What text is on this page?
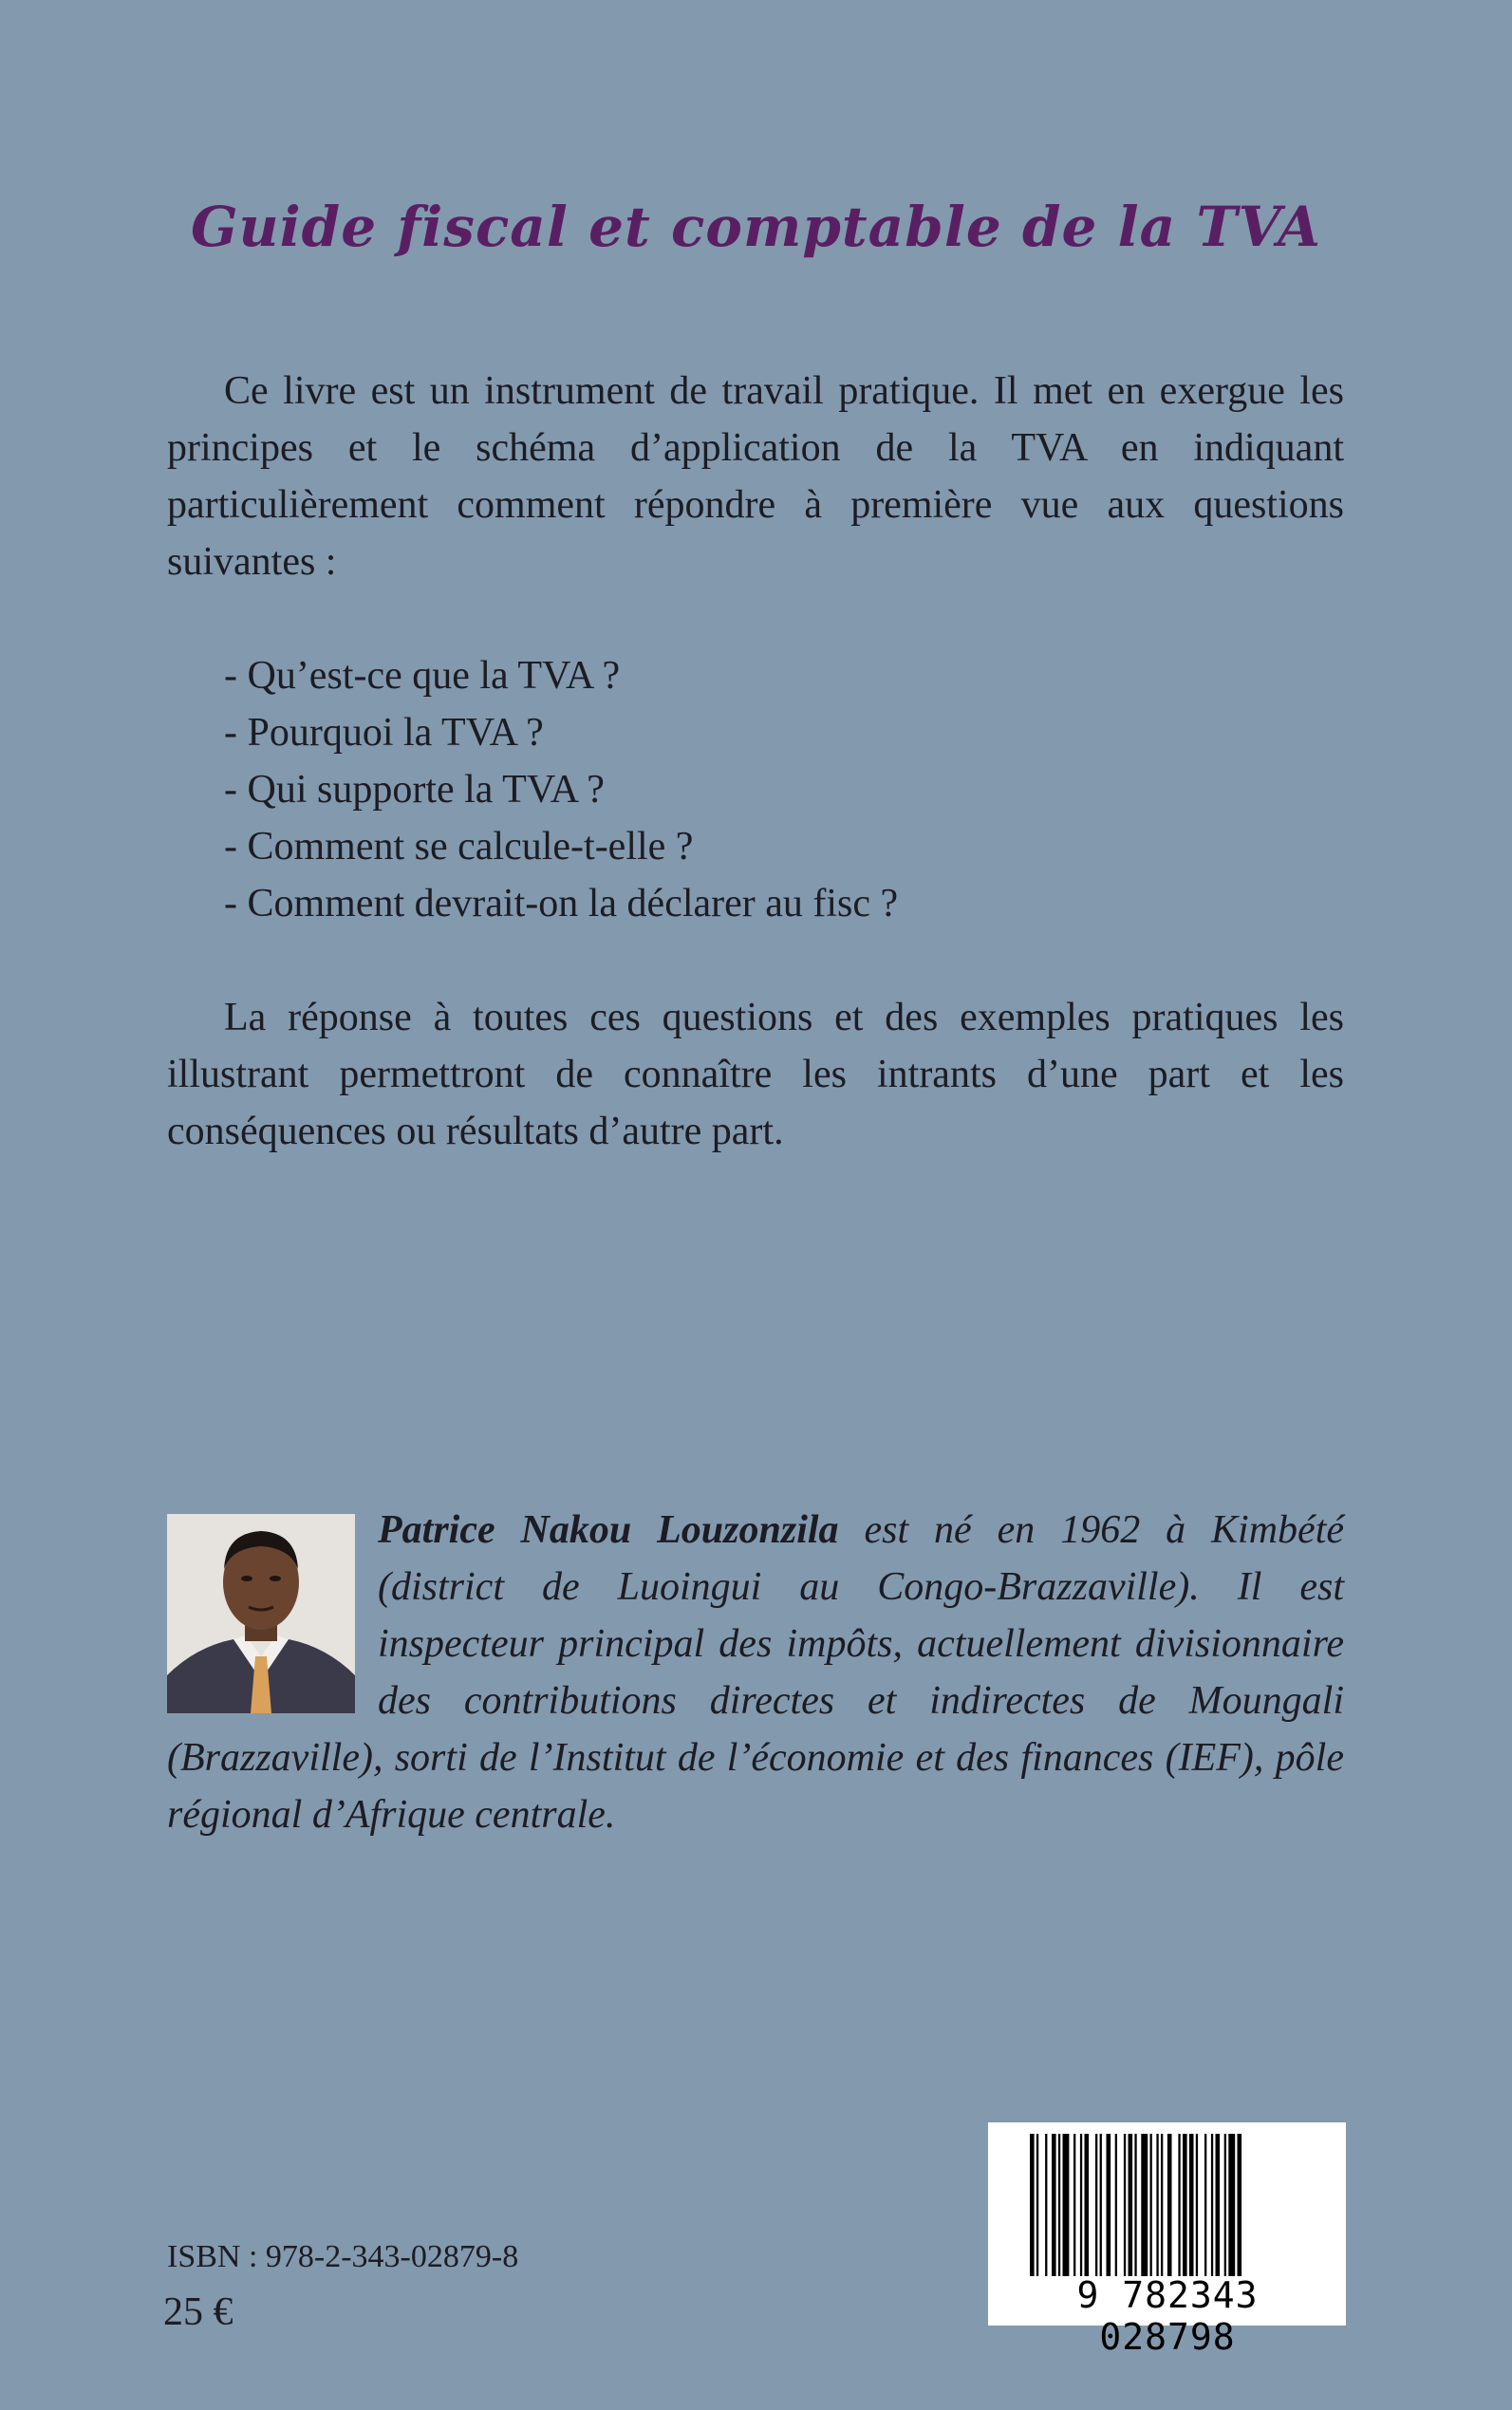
Guide fiscal et comptable de la TVA

Ce livre est un instrument de travail pratique. Il met en exergue les principes et le schéma d’application de la TVA en indiquant particulièrement comment répondre à première vue aux questions suivantes :

- Qu’est-ce que la TVA ?
- Pourquoi la TVA ?
- Qui supporte la TVA ?
- Comment se calcule-t-elle ?
- Comment devrait-on la déclarer au fisc ?

La réponse à toutes ces questions et des exemples pratiques les illustrant permettront de connaître les intrants d’une part et les conséquences ou résultats d’autre part.

Patrice Nakou Louzonzila est né en 1962 à Kimbété (district de Luoingui au Congo-Brazzaville). Il est inspecteur principal des impôts, actuellement divisionnaire des contributions directes et indirectes de Moungali (Brazzaville), sorti de l’Institut de l’économie et des finances (IEF), pôle régional d’Afrique centrale.

ISBN : 978-2-343-02879-8
25 €	9 782343 028798
